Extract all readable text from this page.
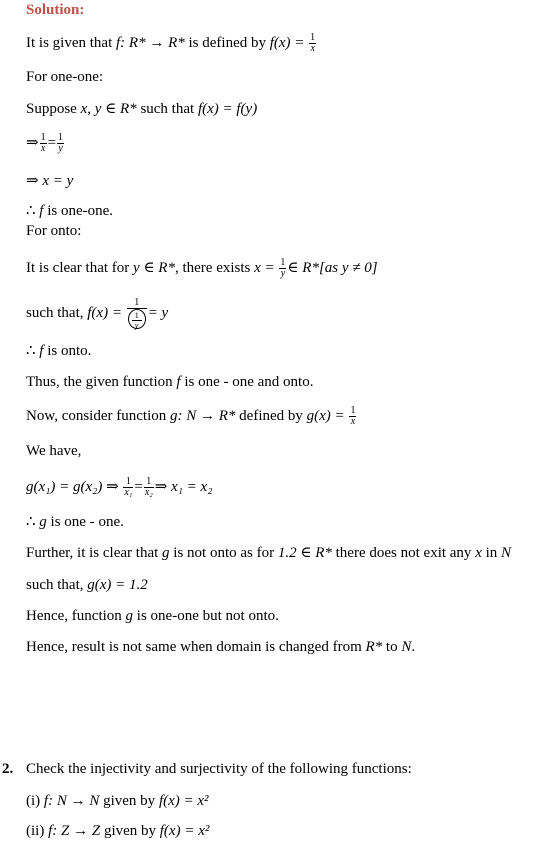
Solution:
It is given that f: R* → R* is defined by $f(x) = \frac{1}{x}$
For one-one:
Suppose x, y ∈ R* such that f(x) = f(y)
⇒ $\frac{1}{x} = \frac{1}{y}$
⇒ x = y
∴ f is one-one.
For onto:
It is clear that for y ∈ R*, there exists $x = \frac{1}{y}$ ∈ R*[as y ≠ 0]
such that, $f(x) = \frac{1}{\frac{1}{y}} = y$
∴ f is onto.
Thus, the given function f is one - one and onto.
Now, consider function g: N → R* defined by $g(x) = \frac{1}{x}$
We have,
g(x₁) = g(x₂) ⇒ $\frac{1}{\text{x₁}} = \frac{1}{\text{x₂}}$ ⇒ x₁ = x₂
∴ g is one - one.
Further, it is clear that g is not onto as for 1.2 ∈ R* there does not exit any x in N
such that, g(x) = 1.2
Hence, function g is one-one but not onto.
Hence, result is not same when domain is changed from R* to N.
2. Check the injectivity and surjectivity of the following functions:
(i) f: N → N given by f(x) = x²
(ii) f: Z → Z given by f(x) = x²
